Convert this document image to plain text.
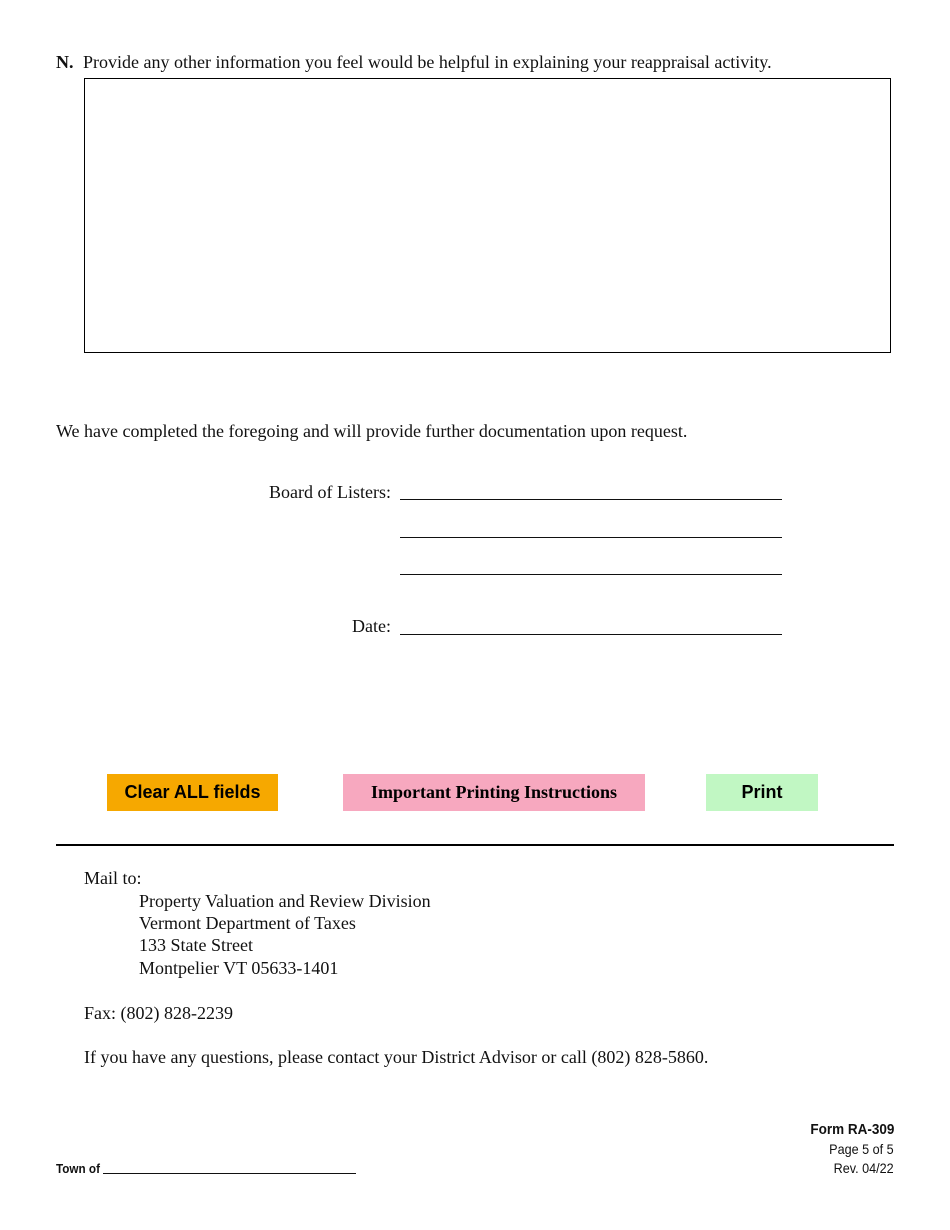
N. Provide any other information you feel would be helpful in explaining your reappraisal activity.
We have completed the foregoing and will provide further documentation upon request.
Board of Listers:
Date:
Clear ALL fields	Important Printing Instructions	Print
Mail to:
Property Valuation and Review Division
Vermont Department of Taxes
133 State Street
Montpelier VT 05633-1401
Fax: (802) 828-2239
If you have any questions, please contact your District Advisor or call (802) 828-5860.
Form RA-309
Page 5 of 5
Rev. 04/22
Town of
